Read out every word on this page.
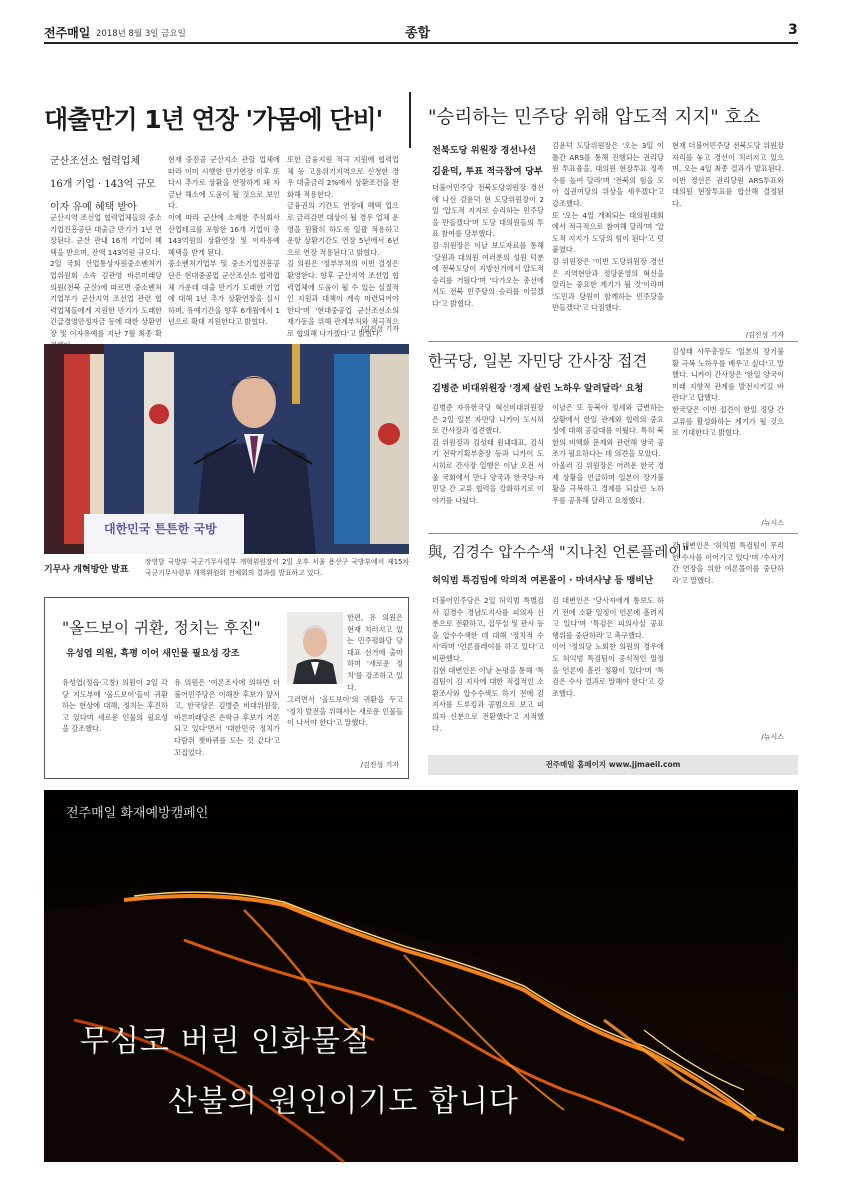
전주매일 2018년 8월 3일 금요일	종합	3
대출만기 1년 연장 '가뭄에 단비'
군산조선소 협력업체
16개 기업 · 143억 규모
이자 유예 혜택 받아

군산지역 조선업 협력업체들의 중소기업진흥공단 대출금 만기가 1년 연장된다. 군산 관내 16개 기업이 혜택을 받으며, 잔액 143억원 규모다.

2일 국회 산업통상자원중소벤처기업위원회 소속 김관영 바른미래당 의원(전북 군산)에 따르면 중소벤처기업부가 군산지역 조선업 관련 협력업체들에게 지원한 만기가 도래한 긴급경영안정자금 등에 대한 상환연장 및 이자유예를 지난 7월 최종 확

현재 중진공 군산지소 관할 업체에 따라 이미 시행한 만기연장 이후 또 다시 추가로 상환을 연장하게 돼 자금난 해소에 도움이 될 것으로 보인다.

이에 따라 군산에 소재한 주식회사 산업테크를 포함한 16개 기업이 총 143억원의 상환연장 및 이자유예 혜택을 받게 된다.

중소벤처기업부 및 중소기업진흥공단은 현대중공업 군산조선소 협력업체 가운데 대출 만기가 도래한 기업에 대해 1년 추가 상환연장을 실시하며, 유예기간을 향후 6개월에서 1년으로 확대 지원한다고 밝혔다.

또한 금융지원 적극 지원에 협력업체 등 고용위기지역으로 신청한 경우 대출금리 2%에서 상환조건을 완화해 적용한다.

금융권의 기간도 연장돼 혜택 업으로 금리감면 대상이 될 경우 업체 운영을 원활히 하도록 일괄 적용하고 운항 상환기간도 연장 5년에서 6년으로 연장 적용된다고 밝혔다.

김 의원은 '정부부처의 이번 결정은 환영한다. 향후 군산지역 조선업 협력업체에 도움이 될 수 있는 실질적인 지원과 대책이 계속 마련되어야 한다'며 '현대중공업 군산조선소의 재가동을 위해 관계부처와 적극적으로 협의해 나가겠다'고 밝혔다.

/김진성 기자
대한민국 튼튼한 국방
기무사 개혁방안 발표
장영달 국방부 국군기무사령부 개혁위원장이 2일 오후 서울 용산구 국방부에서 제15차 국군기무사령부 개혁위원회 전체회의 결과를 발표하고 있다.
"승리하는 민주당 위해 압도적 지지" 호소
전북도당 위원장 경선나선
김윤덕, 투표 적극참여 당부

더불어민주당 전북도당위원장 경선에 나선 김윤덕 현 도당위원장이 2일 '압도적 지지로 승리하는 민주당을 만들겠다'며 도당 대의원들의 투표 참여를 당부했다.

김 위원장은 이날 보도자료를 통해 '당원과 대의원 여러분의 성원 덕분에 전북도당이 지방선거에서 압도적 승리를 거뒀다'며 '다가오는 총선에서도 전북 민주당의 승리를 이끌겠다'고 밝혔다.

김윤덕 도당위원장은 '오는 3일 이틀간 ARS를 통해 진행되는 권리당원 투표율을, 대의원 현장투표 정족수를 높여 달라'며 '전북의 힘을 모아 집권여당의 위상을 세우겠다'고 강조했다.

또 '오는 4일 개최되는 대의원대회에서 적극적으로 참여해 달라'며 '압도적 지지가 도당의 힘이 된다'고 덧붙였다.

김 위원장은 '이번 도당위원장 경선은 지역현안과 정당운영의 혁신을 알리는 중요한 계기가 될 것'이라며 '도민과 당원이 함께하는 민주당을 만들겠다'고 다짐했다.

현재 더불어민주당 전북도당 위원장 자리를 놓고 경선이 치러지고 있으며, 오는 4일 최종 결과가 발표된다. 이번 경선은 권리당원 ARS투표와 대의원 현장투표를 합산해 결정된다.

/김진성 기자
한국당, 일본 자민당 간사장 접견
김병준 비대위원장 '경제 살린 노하우 알려달라' 요청

김병준 자유한국당 혁신비대위원장은 2일 일본 자민당 니카이 도시히로 간사장과 접견했다.

김 위원장과 김성태 원내대표, 김석기 전략기획부총장 등과 니카이 도시히로 간사장 일행은 이날 오전 서울 국회에서 만나 양국과 한국당-자민당 간 교류 협력을 강화하기로 이야기를 나눴다.

이날은 또 동북아 정세와 급변하는 상황에서 한일 관계와 협력의 중요성에 대해 공감대를 이뤘다. 특히 북한의 비핵화 문제와 관련해 양국 공조가 필요하다는 데 의견을 모았다.

아울러 김 위원장은 어려운 한국 경제 상황을 언급하며 일본이 장기불황을 극복하고 경제를 되살린 노하우를 공유해 달라고 요청했다.

김성태 사무총장도 '일본의 장기불황 극복 노하우를 배우고 싶다'고 말했다. 니카이 간사장은 '한일 양국이 미래 지향적 관계를 발전시키길 바란다'고 답했다.

한국당은 이번 접견이 한일 정당 간 교류를 활성화하는 계기가 될 것으로 기대한다고 밝혔다.

/뉴시스
與, 김경수 압수수색 "지나친 언론플레이"
허익범 특검팀에 악의적 여론몰이 · 마녀사냥 등 맹비난

더불어민주당은 2일 허익범 특별검사 김경수 경남도지사를 피의자 신분으로 전환하고, 집무실 및 관사 등을 압수수색한 데 대해 '정치적 수사'라며 '언론플레이를 하고 있다'고 비판했다.

김현 대변인은 이날 논평을 통해 '특검팀이 김 지사에 대한 직접적인 소환조사와 압수수색도 하기 전에 김 지사를 드루킹과 공범으로 보고 피의자 신분으로 전환했다'고 지적했다.

김 대변인은 '당사자에게 통보도 하기 전에 소환 일정이 언론에 흘려지고 있다'며 '특검은 피의사실 공표 행위를 중단하라'고 촉구했다.

이어 '정의당 노회찬 의원의 경우에도 허익범 특검팀이 공식적인 일정을 언론에 흘린 정황이 있다'며 '특검은 수사 결과로 말해야 한다'고 강조했다.

김 대변인은 '허익범 특검팀이 무리한 수사를 이어가고 있다'며 '수사기간 연장을 위한 여론몰이를 중단하라'고 말했다.

/뉴시스
전주매일 홈페이지 www.jjmaeil.com
"올드보이 귀환, 정치는 후진"
유성엽 의원, 흑평 이어 새인물 필요성 강조

한편, 유 의원은 현재 치러지고 있는 민주평화당 당대표 선거에 출마하며 '새로운 정치'를 강조하고 있다.

유성엽(정읍·고창) 의원이 2일 각 당 지도부에 '올드보이'들이 귀환하는 현상에 대해, 정치는 후진하고 있다며 새로운 인물의 필요성을 강조했다.

유 의원은 '여론조사에 의하면 더불어민주당은 이해찬 후보가 앞서고, 한국당은 김병준 비대위원장, 바른미래당은 손학규 후보가 거론되고 있다'면서 '대한민국 정치가 다람쥐 쳇바퀴를 도는 것 같다'고 꼬집었다.

그러면서 '올드보이'의 귀환을 두고 '정치 발전을 위해서는 새로운 인물들이 나서야 한다'고 말했다.

/김진성 기자
전주매일 화재예방캠페인
무심코 버린 인화물질
산불의 원인이기도 합니다
